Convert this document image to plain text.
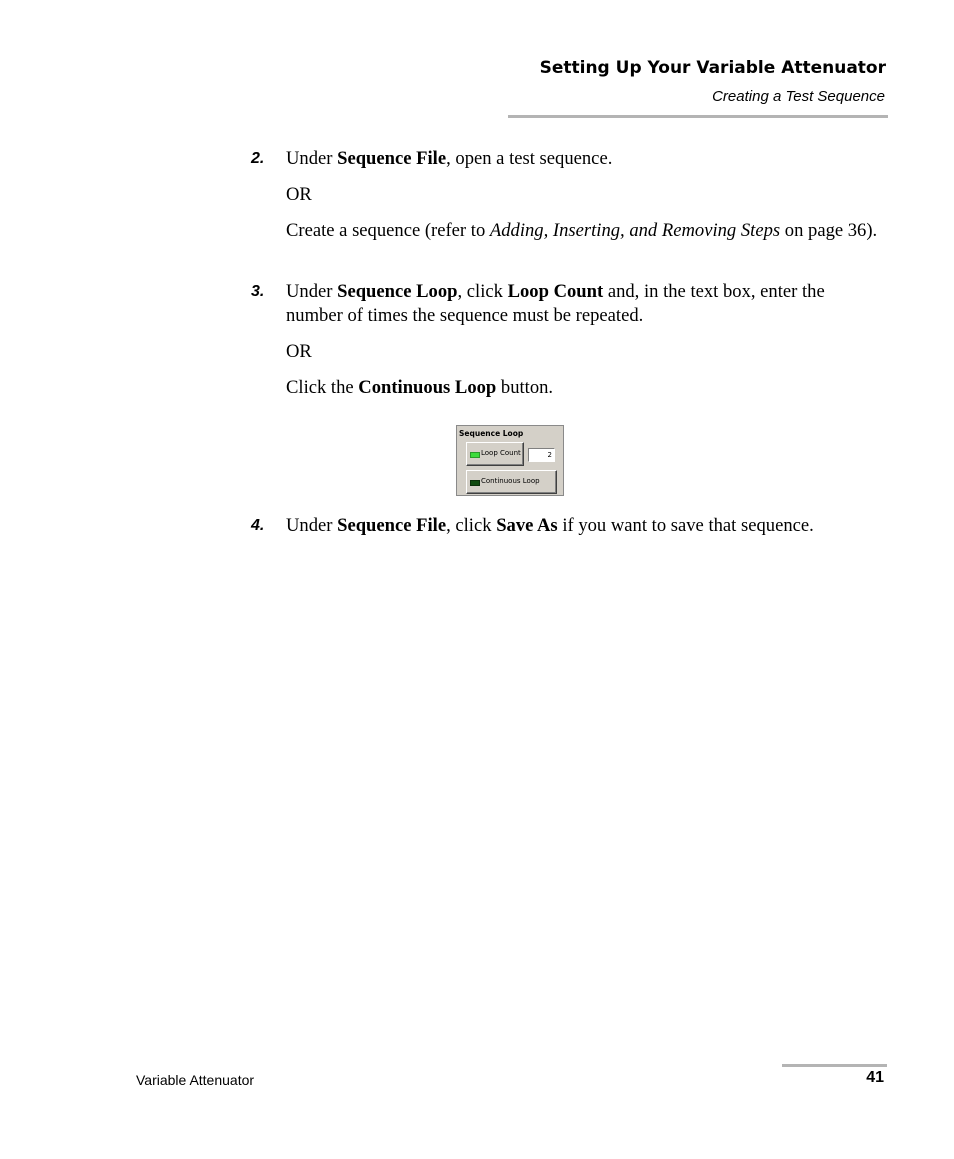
Setting Up Your Variable Attenuator
Creating a Test Sequence
2. Under Sequence File, open a test sequence.
OR
Create a sequence (refer to Adding, Inserting, and Removing Steps on page 36).
3. Under Sequence Loop, click Loop Count and, in the text box, enter the number of times the sequence must be repeated.
OR
Click the Continuous Loop button.
Sequence Loop
Loop Count	2
Continuous Loop
4. Under Sequence File, click Save As if you want to save that sequence.
Variable Attenuator	41
